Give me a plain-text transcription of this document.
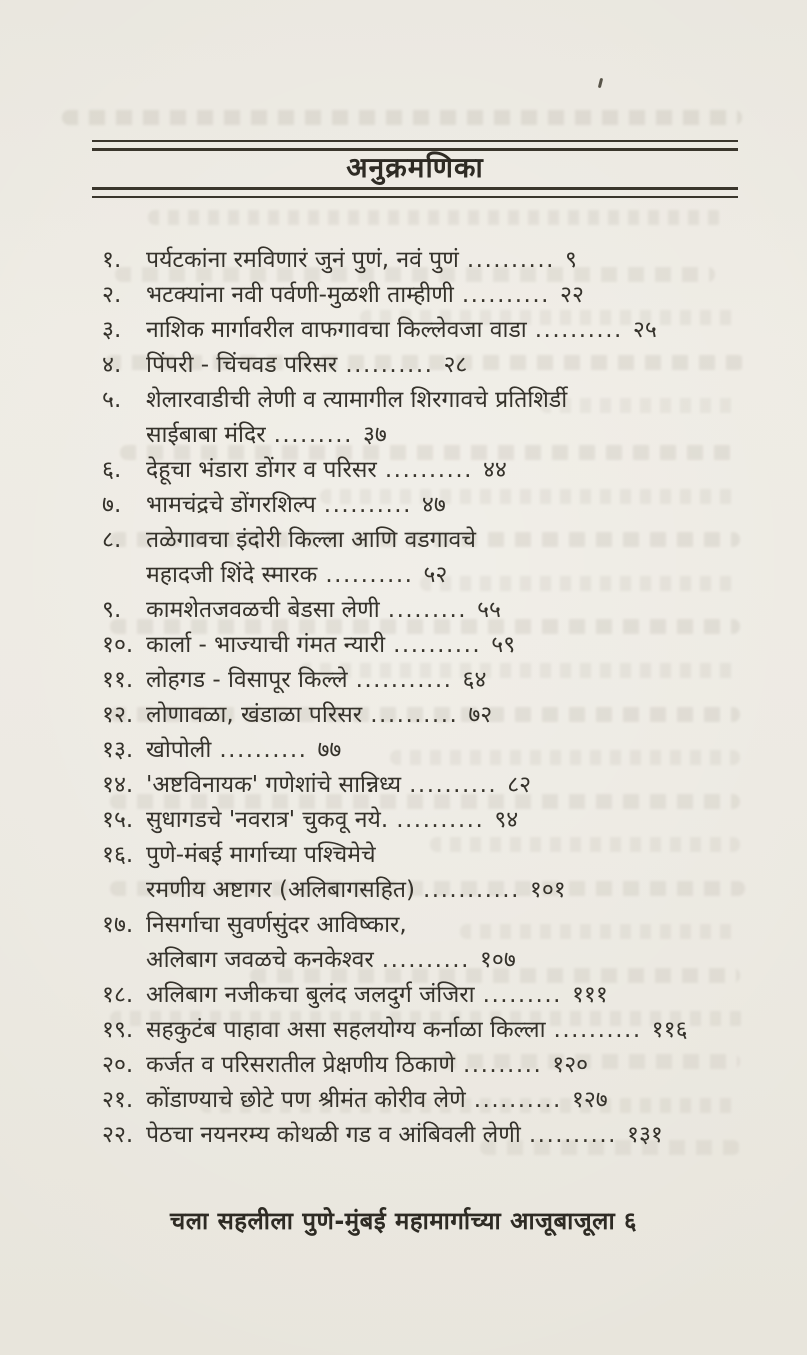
अनुक्रमणिका
१.	पर्यटकांना रमविणारं जुनं पुणं, नवं पुणं .......... ९
२.	भटक्यांना नवी पर्वणी-मुळशी ताम्हीणी .......... २२
३.	नाशिक मार्गावरील वाफगावचा किल्लेवजा वाडा .......... २५
४.	पिंपरी - चिंचवड परिसर .......... २८
५.	शेलारवाडीची लेणी व त्यामागील शिरगावचे प्रतिशिर्डी
साईबाबा मंदिर ......... ३७
६.	देहूचा भंडारा डोंगर व परिसर .......... ४४
७.	भामचंद्रचे डोंगरशिल्प .......... ४७
८.	तळेगावचा इंदोरी किल्ला आणि वडगावचे
महादजी शिंदे स्मारक .......... ५२
९.	कामशेतजवळची बेडसा लेणी ......... ५५
१०. कार्ला - भाज्याची गंमत न्यारी .......... ५९
११. लोहगड - विसापूर किल्ले ........... ६४
१२. लोणावळा, खंडाळा परिसर .......... ७२
१३. खोपोली .......... ७७
१४. 'अष्टविनायक' गणेशांचे सान्निध्य .......... ८२
१५. सुधागडचे 'नवरात्र' चुकवू नये. .......... ९४
१६. पुणे-मंबई मार्गाच्या पश्चिमेचे
रमणीय अष्टागर (अलिबागसहित) ........... १०१
१७. निसर्गाचा सुवर्णसुंदर आविष्कार,
अलिबाग जवळचे कनकेश्वर .......... १०७
१८. अलिबाग नजीकचा बुलंद जलदुर्ग जंजिरा ......... १११
१९. सहकुटंब पाहावा असा सहलयोग्य कर्नाळा किल्ला .......... ११६
२०. कर्जत व परिसरातील प्रेक्षणीय ठिकाणे ......... १२०
२१. कोंडाण्याचे छोटे पण श्रीमंत कोरीव लेणे .......... १२७
२२. पेठचा नयनरम्य कोथळी गड व आंबिवली लेणी .......... १३१
चला सहलीला पुणे-मुंबई महामार्गाच्या आजूबाजूला ६
